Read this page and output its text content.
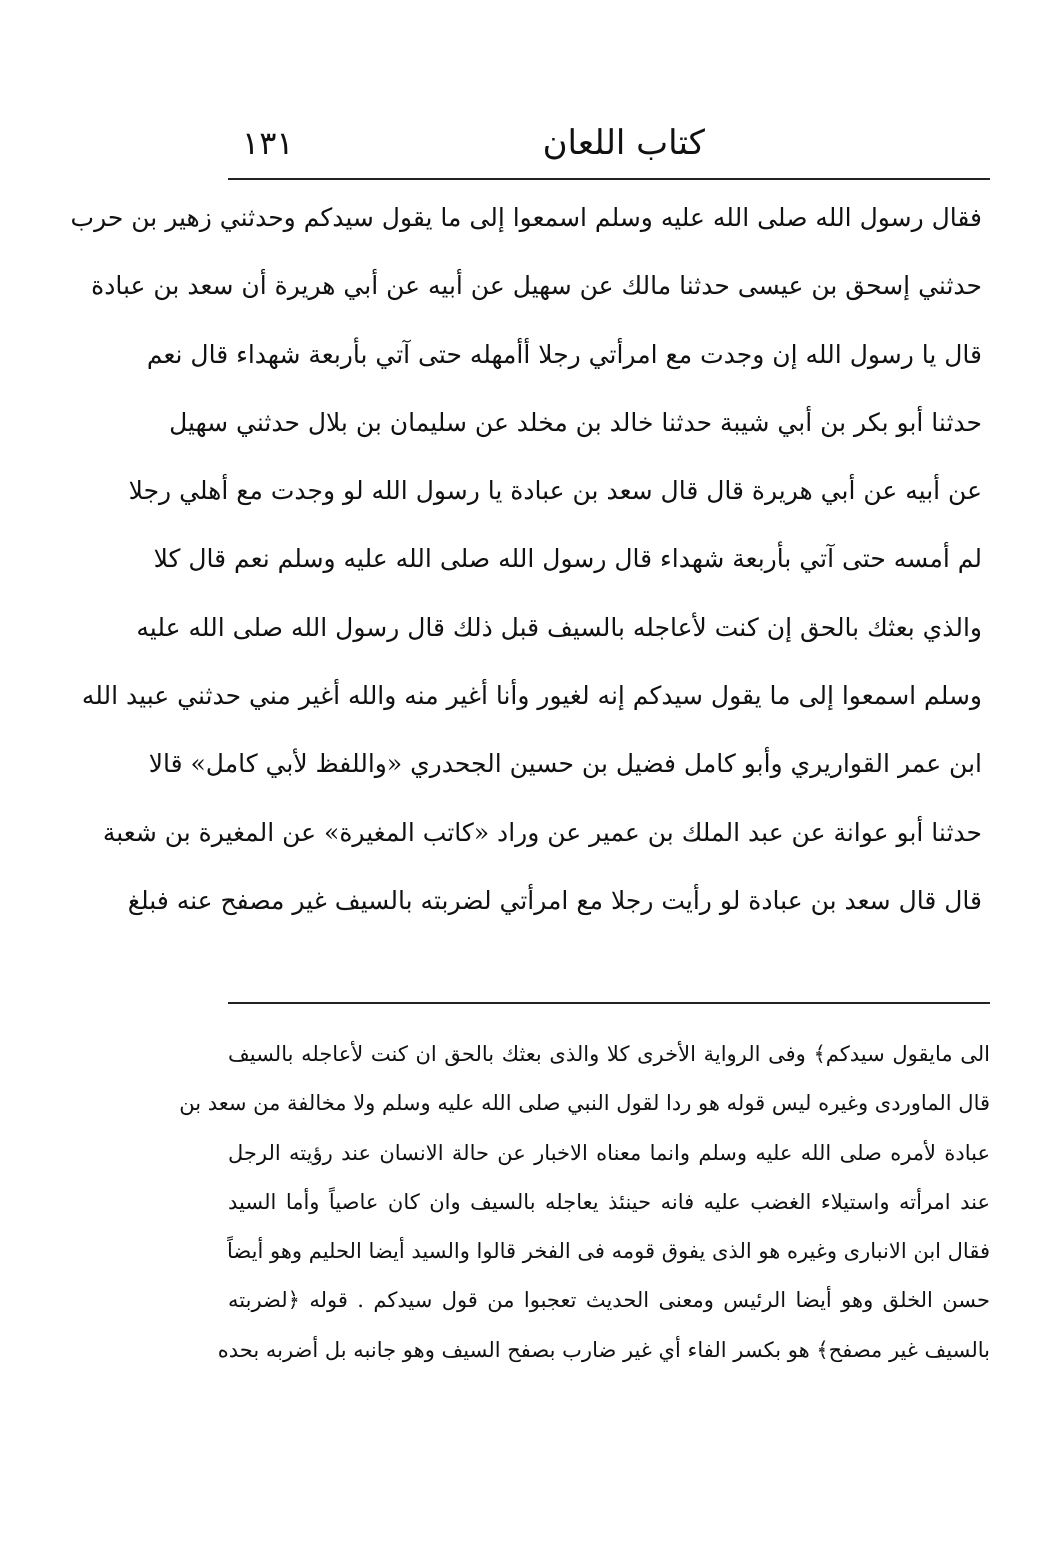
كتاب اللعان
١٣١
فقال رسول الله صلى الله عليه وسلم اسمعوا إلى ما يقول سيدكم وحدثني زهير بن حرب
حدثني إسحق بن عيسى حدثنا مالك عن سهيل عن أبيه عن أبي هريرة أن سعد بن عبادة
قال يا رسول الله إن وجدت مع امرأتي رجلا أأمهله حتى آتي بأربعة شهداء قال نعم
حدثنا أبو بكر بن أبي شيبة حدثنا خالد بن مخلد عن سليمان بن بلال حدثني سهيل
عن أبيه عن أبي هريرة قال قال سعد بن عبادة يا رسول الله لو وجدت مع أهلي رجلا
لم أمسه حتى آتي بأربعة شهداء قال رسول الله صلى الله عليه وسلم نعم قال كلا
والذي بعثك بالحق إن كنت لأعاجله بالسيف قبل ذلك قال رسول الله صلى الله عليه
وسلم اسمعوا إلى ما يقول سيدكم إنه لغيور وأنا أغير منه والله أغير مني حدثني عبيد الله
ابن عمر القواريري وأبو كامل فضيل بن حسين الجحدري «واللفظ لأبي كامل» قالا
حدثنا أبو عوانة عن عبد الملك بن عمير عن وراد «كاتب المغيرة» عن المغيرة بن شعبة
قال قال سعد بن عبادة لو رأيت رجلا مع امرأتي لضربته بالسيف غير مصفح عنه فبلغ
الى مايقول سيدكم﴾ وفى الرواية الأخرى كلا والذى بعثك بالحق ان كنت لأعاجله بالسيف
قال الماوردى وغيره ليس قوله هو ردا لقول النبي صلى الله عليه وسلم ولا مخالفة من سعد بن
عبادة لأمره صلى الله عليه وسلم وانما معناه الاخبار عن حالة الانسان عند رؤيته الرجل
عند امرأته واستيلاء الغضب عليه فانه حينئذ يعاجله بالسيف وان كان عاصياً وأما السيد
فقال ابن الانبارى وغيره هو الذى يفوق قومه فى الفخر قالوا والسيد أيضا الحليم وهو أيضاً
حسن الخلق وهو أيضا الرئيس ومعنى الحديث تعجبوا من قول سيدكم . قوله ﴿لضربته
بالسيف غير مصفح﴾ هو بكسر الفاء أي غير ضارب بصفح السيف وهو جانبه بل أضربه بحده
